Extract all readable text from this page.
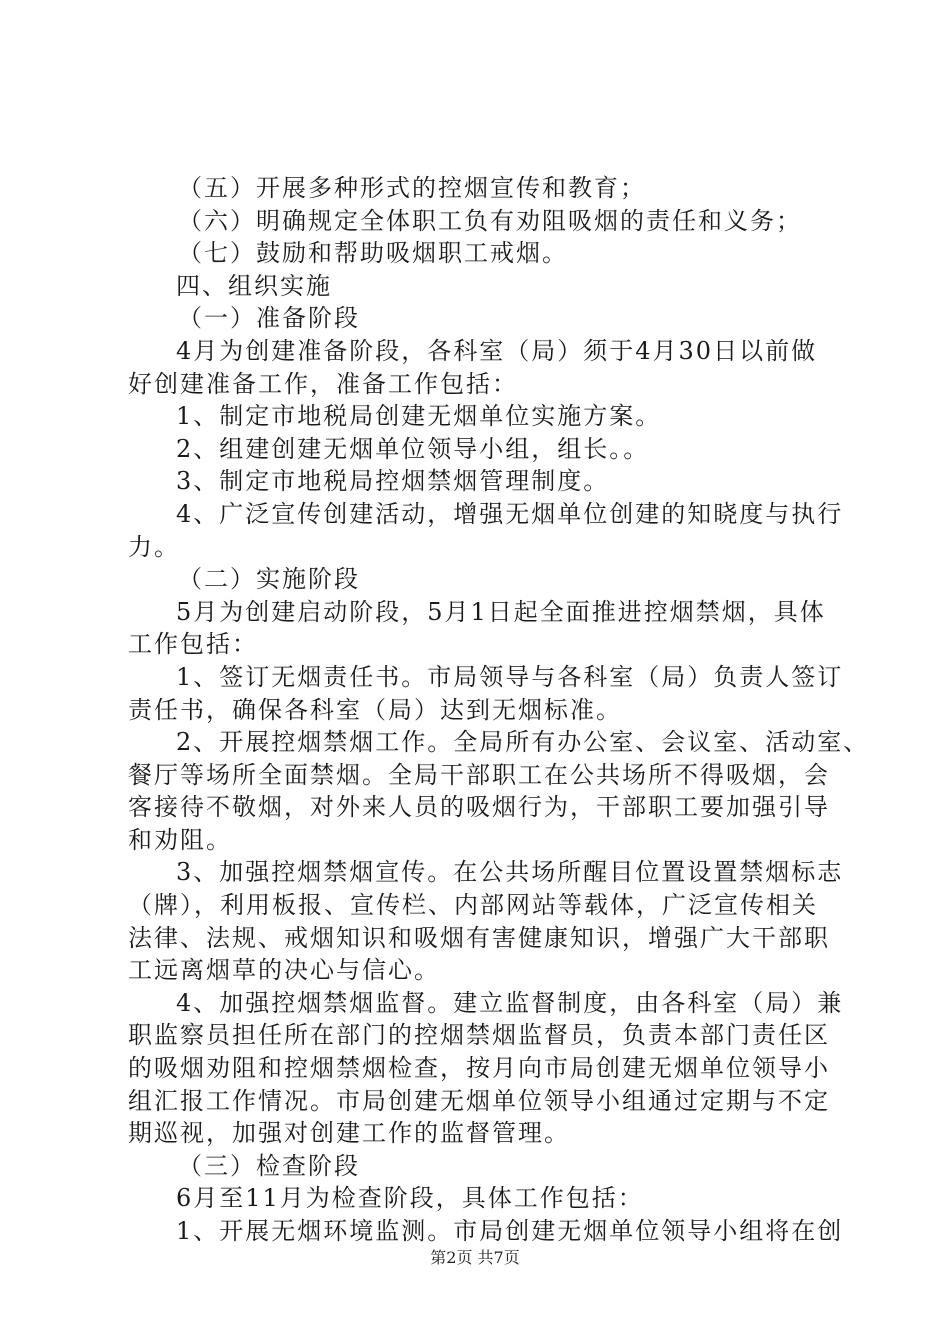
（五）开展多种形式的控烟宣传和教育；
（六）明确规定全体职工负有劝阻吸烟的责任和义务；
（七）鼓励和帮助吸烟职工戒烟。
四、组织实施
（一）准备阶段
4月为创建准备阶段，各科室（局）须于4月30日以前做
好创建准备工作，准备工作包括：
1、制定市地税局创建无烟单位实施方案。
2、组建创建无烟单位领导小组，组长。。
3、制定市地税局控烟禁烟管理制度。
4、广泛宣传创建活动，增强无烟单位创建的知晓度与执行
力。
（二）实施阶段
5月为创建启动阶段，5月1日起全面推进控烟禁烟，具体
工作包括：
1、签订无烟责任书。市局领导与各科室（局）负责人签订
责任书，确保各科室（局）达到无烟标准。
2、开展控烟禁烟工作。全局所有办公室、会议室、活动室、
餐厅等场所全面禁烟。全局干部职工在公共场所不得吸烟，会
客接待不敬烟，对外来人员的吸烟行为，干部职工要加强引导
和劝阻。
3、加强控烟禁烟宣传。在公共场所醒目位置设置禁烟标志
（牌），利用板报、宣传栏、内部网站等载体，广泛宣传相关
法律、法规、戒烟知识和吸烟有害健康知识，增强广大干部职
工远离烟草的决心与信心。
4、加强控烟禁烟监督。建立监督制度，由各科室（局）兼
职监察员担任所在部门的控烟禁烟监督员，负责本部门责任区
的吸烟劝阻和控烟禁烟检查，按月向市局创建无烟单位领导小
组汇报工作情况。市局创建无烟单位领导小组通过定期与不定
期巡视，加强对创建工作的监督管理。
（三）检查阶段
6月至11月为检查阶段，具体工作包括：
1、开展无烟环境监测。市局创建无烟单位领导小组将在创
第2页 共7页
